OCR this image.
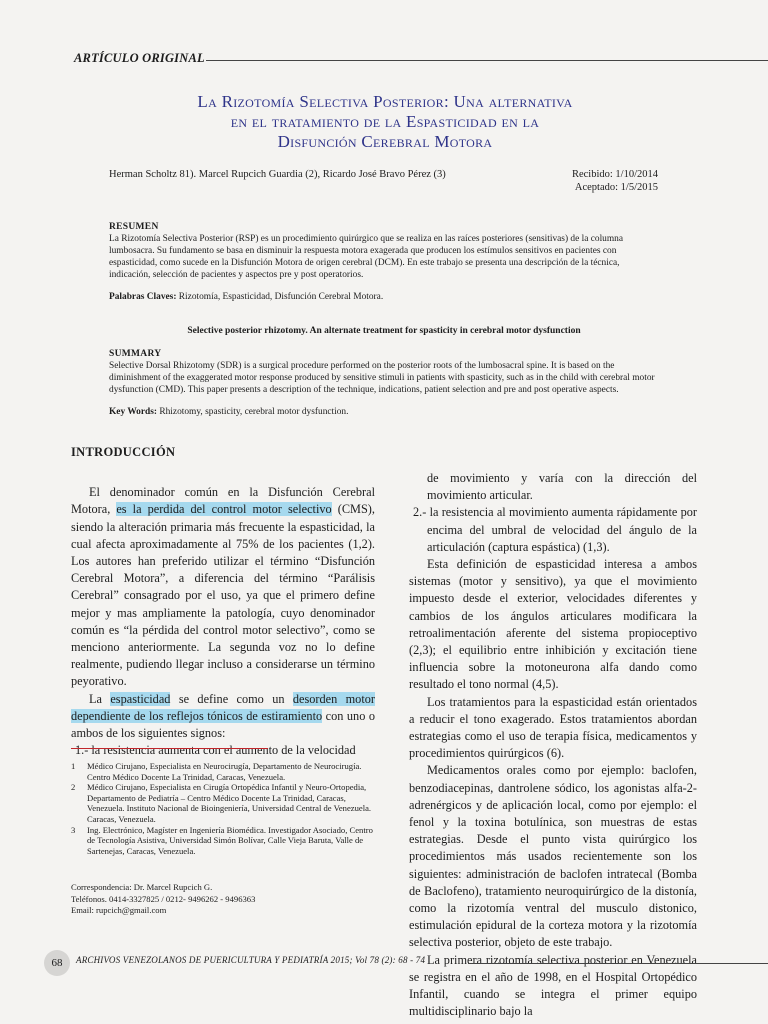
ARTÍCULO ORIGINAL
La Rizotomía Selectiva Posterior: Una alternativa
en el tratamiento de la Espasticidad en la
Disfunción Cerebral Motora
Herman Scholtz 81). Marcel Rupcich Guardia (2), Ricardo José Bravo Pérez (3)	Recibido: 1/10/2014
Aceptado: 1/5/2015

RESUMEN

La Rizotomía Selectiva Posterior (RSP) es un procedimiento quirúrgico que se realiza en las raíces posteriores (sensitivas) de la columna lumbosacra. Su fundamento se basa en disminuir la respuesta motora exagerada que producen los estímulos sensitivos en pacientes con espasticidad, como sucede en la Disfunción Motora de origen cerebral (DCM). En este trabajo se presenta una descripción de la técnica, indicación, selección de pacientes y aspectos pre y post operatorios.

Palabras Claves: Rizotomía, Espasticidad, Disfunción Cerebral Motora.

Selective posterior rhizotomy. An alternate treatment for spasticity in cerebral motor dysfunction

SUMMARY

Selective Dorsal Rhizotomy (SDR) is a surgical procedure performed on the posterior roots of the lumbosacral spine. It is based on the diminishment of the exaggerated motor response produced by sensitive stimuli in patients with spasticity, such as in the child with cerebral motor dysfunction (CMD). This paper presents a description of the technique, indications, patient selection and pre and post operative aspects.

Key Words: Rhizotomy, spasticity, cerebral motor dysfunction.

INTRODUCCIÓN

El denominador común en la Disfunción Cerebral Motora, es la perdida del control motor selectivo (CMS), siendo la alteración primaria más frecuente la espasticidad, la cual afecta aproximadamente al 75% de los pacientes (1,2). Los autores han preferido utilizar el término “Disfunción Cerebral Motora”, a diferencia del término “Parálisis Cerebral” consagrado por el uso, ya que el primero define mejor y mas ampliamente la patología, cuyo denominador común es “la pérdida del control motor selectivo”, como se menciono anteriormente. La segunda voz no lo define realmente, pudiendo llegar incluso a considerarse un término peyorativo.

La espasticidad se define como un desorden motor dependiente de los reflejos tónicos de estiramiento con uno o ambos de los siguientes signos:

1.- la resistencia aumenta con el aumento de la velocidad

1	Médico Cirujano, Especialista en Neurocirugía, Departamento de Neurocirugía. Centro Médico Docente La Trinidad, Caracas, Venezuela.
2	Médico Cirujano, Especialista en Cirugía Ortopédica Infantil y Neuro-Ortopedia, Departamento de Pediatría – Centro Médico Docente La Trinidad, Caracas, Venezuela. Instituto Nacional de Bioingeniería, Universidad Central de Venezuela. Caracas, Venezuela.
3	Ing. Electrónico, Magíster en Ingeniería Biomédica. Investigador Asociado, Centro de Tecnología Asistiva, Universidad Simón Bolívar, Calle Vieja Baruta, Valle de Sartenejas, Caracas, Venezuela.
Correspondencia: Dr. Marcel Rupcich G.
Teléfonos. 0414-3327825 / 0212- 9496262 - 9496363
Email: rupcich@gmail.com

de movimiento y varía con la dirección del movimiento articular.

2.- la resistencia al movimiento aumenta rápidamente por encima del umbral de velocidad del ángulo de la articulación (captura espástica) (1,3).

Esta definición de espasticidad interesa a ambos sistemas (motor y sensitivo), ya que el movimiento impuesto desde el exterior, velocidades diferentes y cambios de los ángulos articulares modificara la retroalimentación aferente del sistema propioceptivo (2,3); el equilibrio entre inhibición y excitación tiene influencia sobre la motoneurona alfa dando como resultado el tono normal (4,5).

Los tratamientos para la espasticidad están orientados a reducir el tono exagerado. Estos tratamientos abordan estrategias como el uso de terapia física, medicamentos y procedimientos quirúrgicos (6).

Medicamentos orales como por ejemplo: baclofen, benzodiacepinas, dantrolene sódico, los agonistas alfa-2-adrenérgicos y de aplicación local, como por ejemplo: el fenol y la toxina botulínica, son muestras de estas estrategias. Desde el punto vista quirúrgico los procedimientos más usados recientemente son los siguientes: administración de baclofen intratecal (Bomba de Baclofeno), tratamiento neuroquirúrgico de la distonía, como la rizotomía ventral del musculo distonico, estimulación epidural de la corteza motora y la rizotomía selectiva posterior, objeto de este trabajo.

La primera rizotomía selectiva posterior en Venezuela se registra en el año de 1998, en el Hospital Ortopédico Infantil, cuando se integra el primer equipo multidisciplinario bajo la

68	ARCHIVOS VENEZOLANOS DE PUERICULTURA Y PEDIATRÍA 2015; Vol 78 (2): 68 - 74
